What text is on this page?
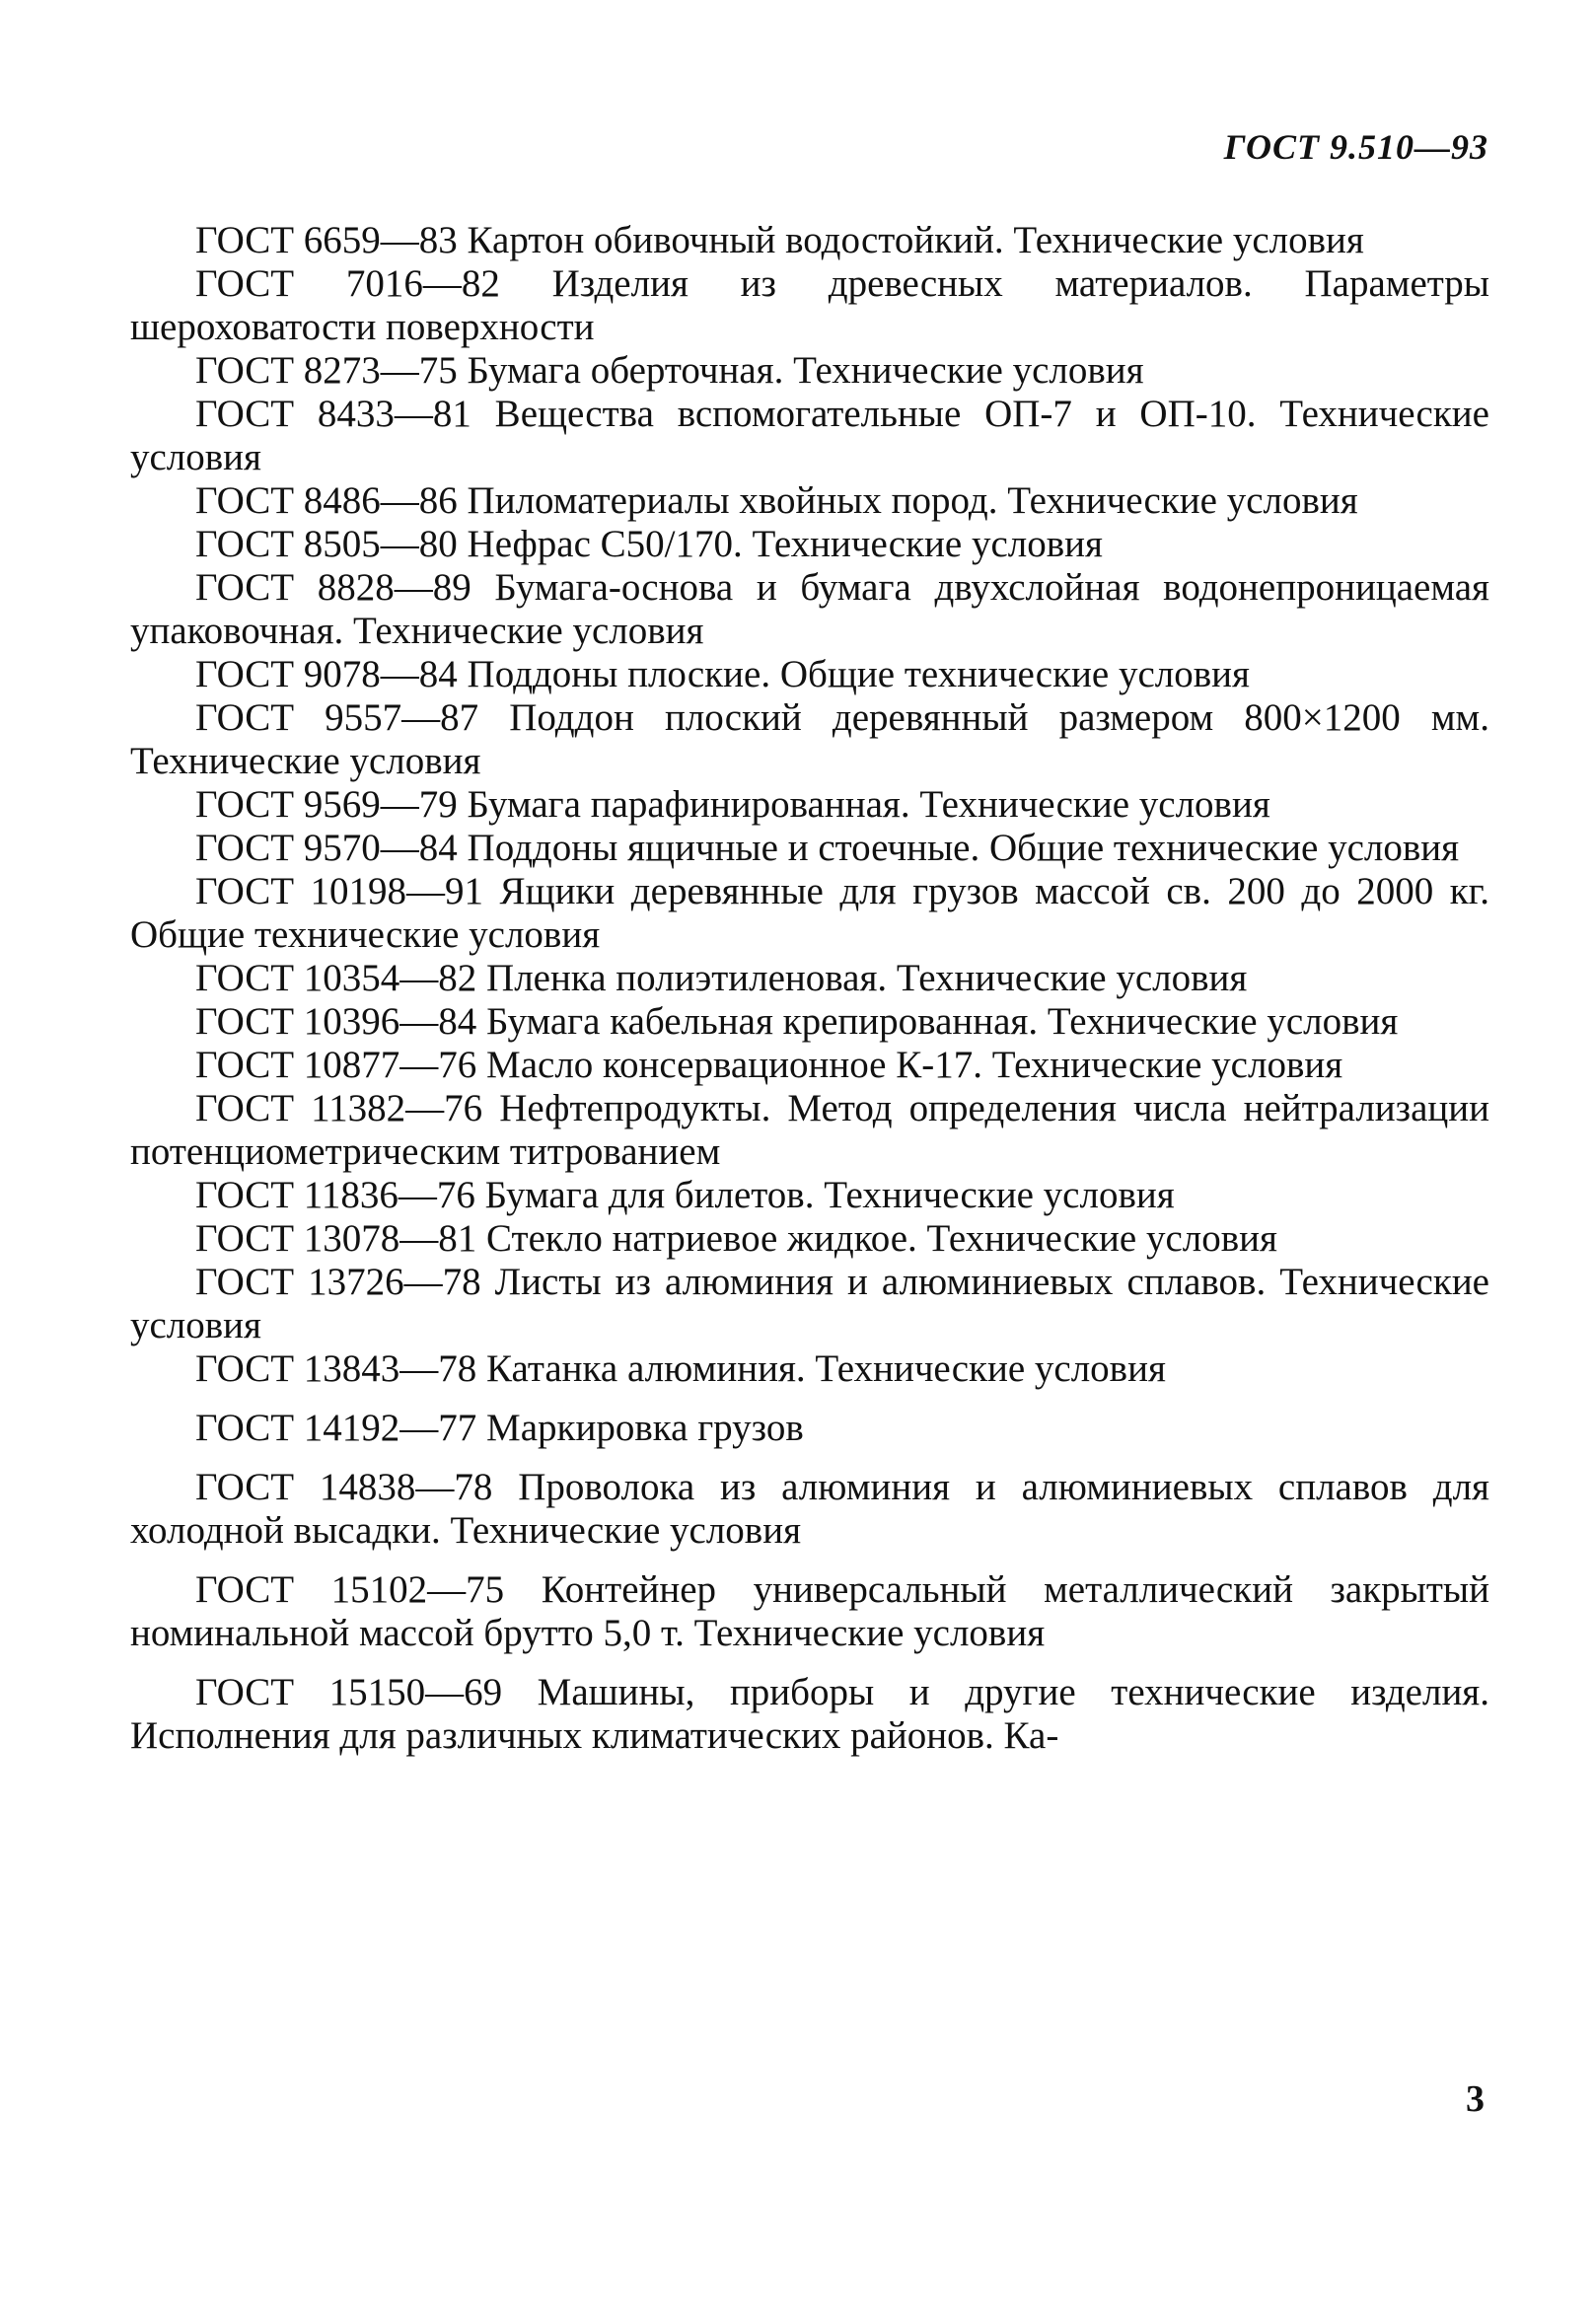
ГОСТ 9.510—93

ГОСТ 6659—83 Картон обивочный водостойкий. Технические условия

ГОСТ 7016—82 Изделия из древесных материалов. Параметры шероховатости поверхности

ГОСТ 8273—75 Бумага оберточная. Технические условия

ГОСТ 8433—81 Вещества вспомогательные ОП-7 и ОП-10. Технические условия

ГОСТ 8486—86 Пиломатериалы хвойных пород. Технические условия

ГОСТ 8505—80 Нефрас С50/170. Технические условия

ГОСТ 8828—89 Бумага-основа и бумага двухслойная водонепроницаемая упаковочная. Технические условия

ГОСТ 9078—84 Поддоны плоские. Общие технические условия

ГОСТ 9557—87 Поддон плоский деревянный размером 800×1200 мм. Технические условия

ГОСТ 9569—79 Бумага парафинированная. Технические условия

ГОСТ 9570—84 Поддоны ящичные и стоечные. Общие технические условия

ГОСТ 10198—91 Ящики деревянные для грузов массой св. 200 до 2000 кг. Общие технические условия

ГОСТ 10354—82 Пленка полиэтиленовая. Технические условия

ГОСТ 10396—84 Бумага кабельная крепированная. Технические условия

ГОСТ 10877—76 Масло консервационное К-17. Технические условия

ГОСТ 11382—76 Нефтепродукты. Метод определения числа нейтрализации потенциометрическим титрованием

ГОСТ 11836—76 Бумага для билетов. Технические условия

ГОСТ 13078—81 Стекло натриевое жидкое. Технические условия

ГОСТ 13726—78 Листы из алюминия и алюминиевых сплавов. Технические условия

ГОСТ 13843—78 Катанка алюминия. Технические условия

ГОСТ 14192—77 Маркировка грузов

ГОСТ 14838—78 Проволока из алюминия и алюминиевых сплавов для холодной высадки. Технические условия

ГОСТ 15102—75 Контейнер универсальный металлический закрытый номинальной массой брутто 5,0 т. Технические условия

ГОСТ 15150—69 Машины, приборы и другие технические изделия. Исполнения для различных климатических районов. Ка-

3
